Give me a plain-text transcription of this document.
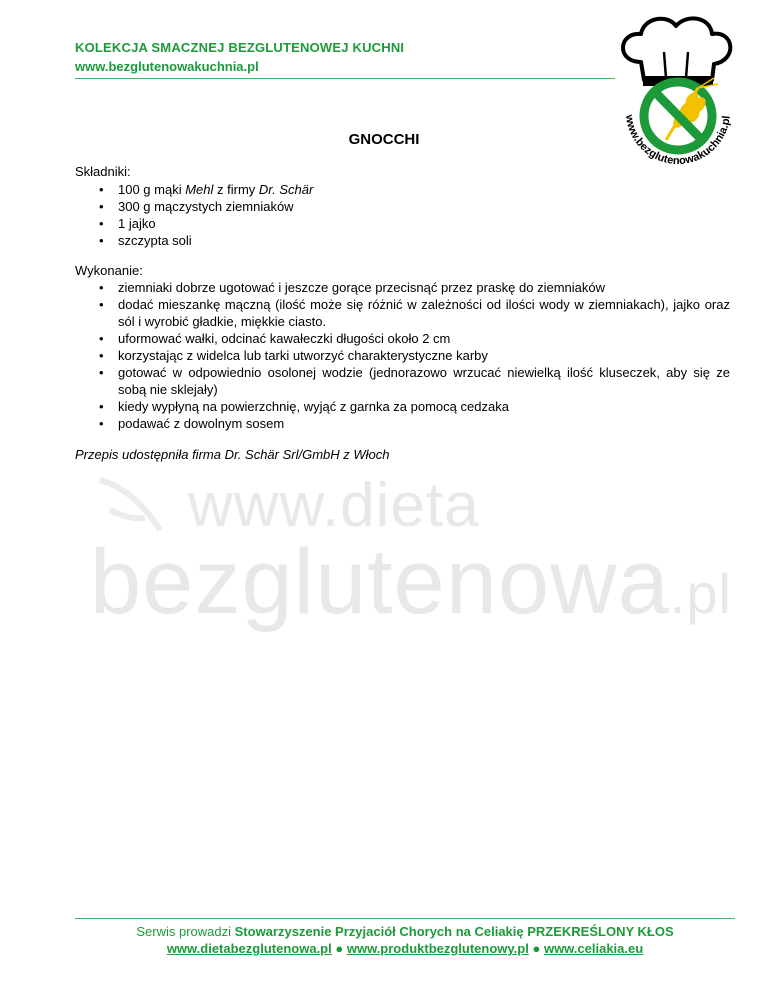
KOLEKCJA SMACZNEJ BEZGLUTENOWEJ KUCHNI
www.bezglutenowakuchnia.pl
www.bezglutenowakuchnia.pl
GNOCCHI
Składniki:
• 100 g mąki Mehl z firmy Dr. Schär
• 300 g mączystych ziemniaków
• 1 jajko
• szczypta soli
Wykonanie:
• ziemniaki dobrze ugotować i jeszcze gorące przecisnąć przez praskę do ziemniaków
• dodać mieszankę mączną (ilość może się różnić w zależności od ilości wody w ziemniakach), jajko oraz sól i wyrobić gładkie, miękkie ciasto.
• uformować wałki, odcinać kawałeczki długości około 2 cm
• korzystając z widelca lub tarki utworzyć charakterystyczne karby
• gotować w odpowiednio osolonej wodzie (jednorazowo wrzucać niewielką ilość kluseczek, aby się ze sobą nie sklejały)
• kiedy wypłyną na powierzchnię, wyjąć z garnka za pomocą cedzaka
• podawać z dowolnym sosem
Przepis udostępniła firma Dr. Schär Srl/GmbH z Włoch
www.dieta
bezglutenowa.pl
Serwis prowadzi Stowarzyszenie Przyjaciół Chorych na Celiakię PRZEKREŚLONY KŁOS
www.dietabezglutenowa.pl ● www.produktbezglutenowy.pl ● www.celiakia.eu
